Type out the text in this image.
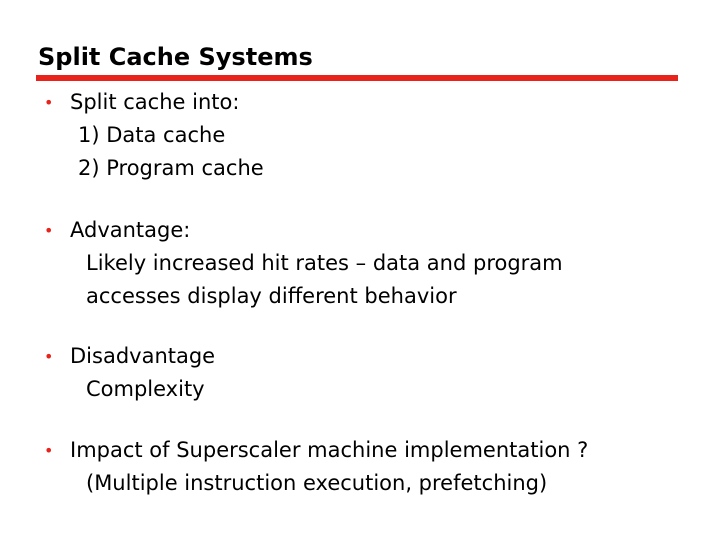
Split Cache Systems
• Split cache into:
1) Data cache
2) Program cache
• Advantage:
Likely increased hit rates – data and program
accesses display different behavior
• Disadvantage
Complexity
• Impact of Superscaler machine implementation ?
(Multiple instruction execution, prefetching)
